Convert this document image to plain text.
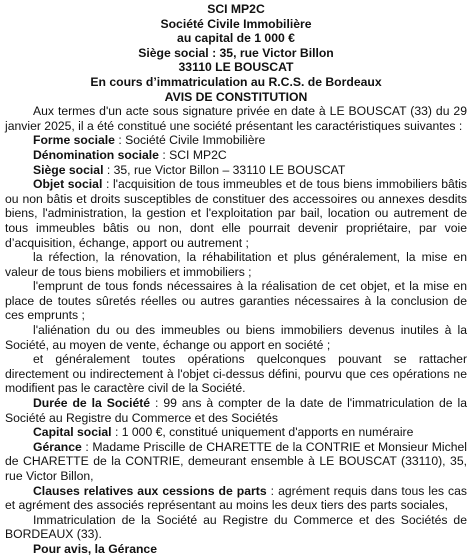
SCI MP2C
Société Civile Immobilière
au capital de 1 000 €
Siège social : 35, rue Victor Billon
33110 LE BOUSCAT
En cours d’immatriculation au R.C.S. de Bordeaux
AVIS DE CONSTITUTION

Aux termes d'un acte sous signature privée en date à LE BOUSCAT (33) du 29 janvier 2025, il a été constitué une société présentant les caractéristiques suivantes :

Forme sociale : Société Civile Immobilière

Dénomination sociale : SCI MP2C

Siège social : 35, rue Victor Billon – 33110 LE BOUSCAT

Objet social : l'acquisition de tous immeubles et de tous biens immobiliers bâtis ou non bâtis et droits susceptibles de constituer des accessoires ou annexes desdits biens, l'administration, la gestion et l'exploitation par bail, location ou autrement de tous immeubles bâtis ou non, dont elle pourrait devenir propriétaire, par voie d’acquisition, échange, apport ou autrement ;

la réfection, la rénovation, la réhabilitation et plus généralement, la mise en valeur de tous biens mobiliers et immobiliers ;

l'emprunt de tous fonds nécessaires à la réalisation de cet objet, et la mise en place de toutes sûretés réelles ou autres garanties nécessaires à la conclusion de ces emprunts ;

l'aliénation du ou des immeubles ou biens immobiliers devenus inutiles à la Société, au moyen de vente, échange ou apport en société ;

et généralement toutes opérations quelconques pouvant se rattacher directement ou indirectement à l'objet ci-dessus défini, pourvu que ces opérations ne modifient pas le caractère civil de la Société.

Durée de la Société : 99 ans à compter de la date de l'immatriculation de la Société au Registre du Commerce et des Sociétés

Capital social : 1 000 €, constitué uniquement d'apports en numéraire

Gérance : Madame Priscille de CHARETTE de la CONTRIE et Monsieur Michel de CHARETTE de la CONTRIE, demeurant ensemble à LE BOUSCAT (33110), 35, rue Victor Billon,

Clauses relatives aux cessions de parts : agrément requis dans tous les cas et agrément des associés représentant au moins les deux tiers des parts sociales,

Immatriculation de la Société au Registre du Commerce et des Sociétés de BORDEAUX (33).

Pour avis, la Gérance
